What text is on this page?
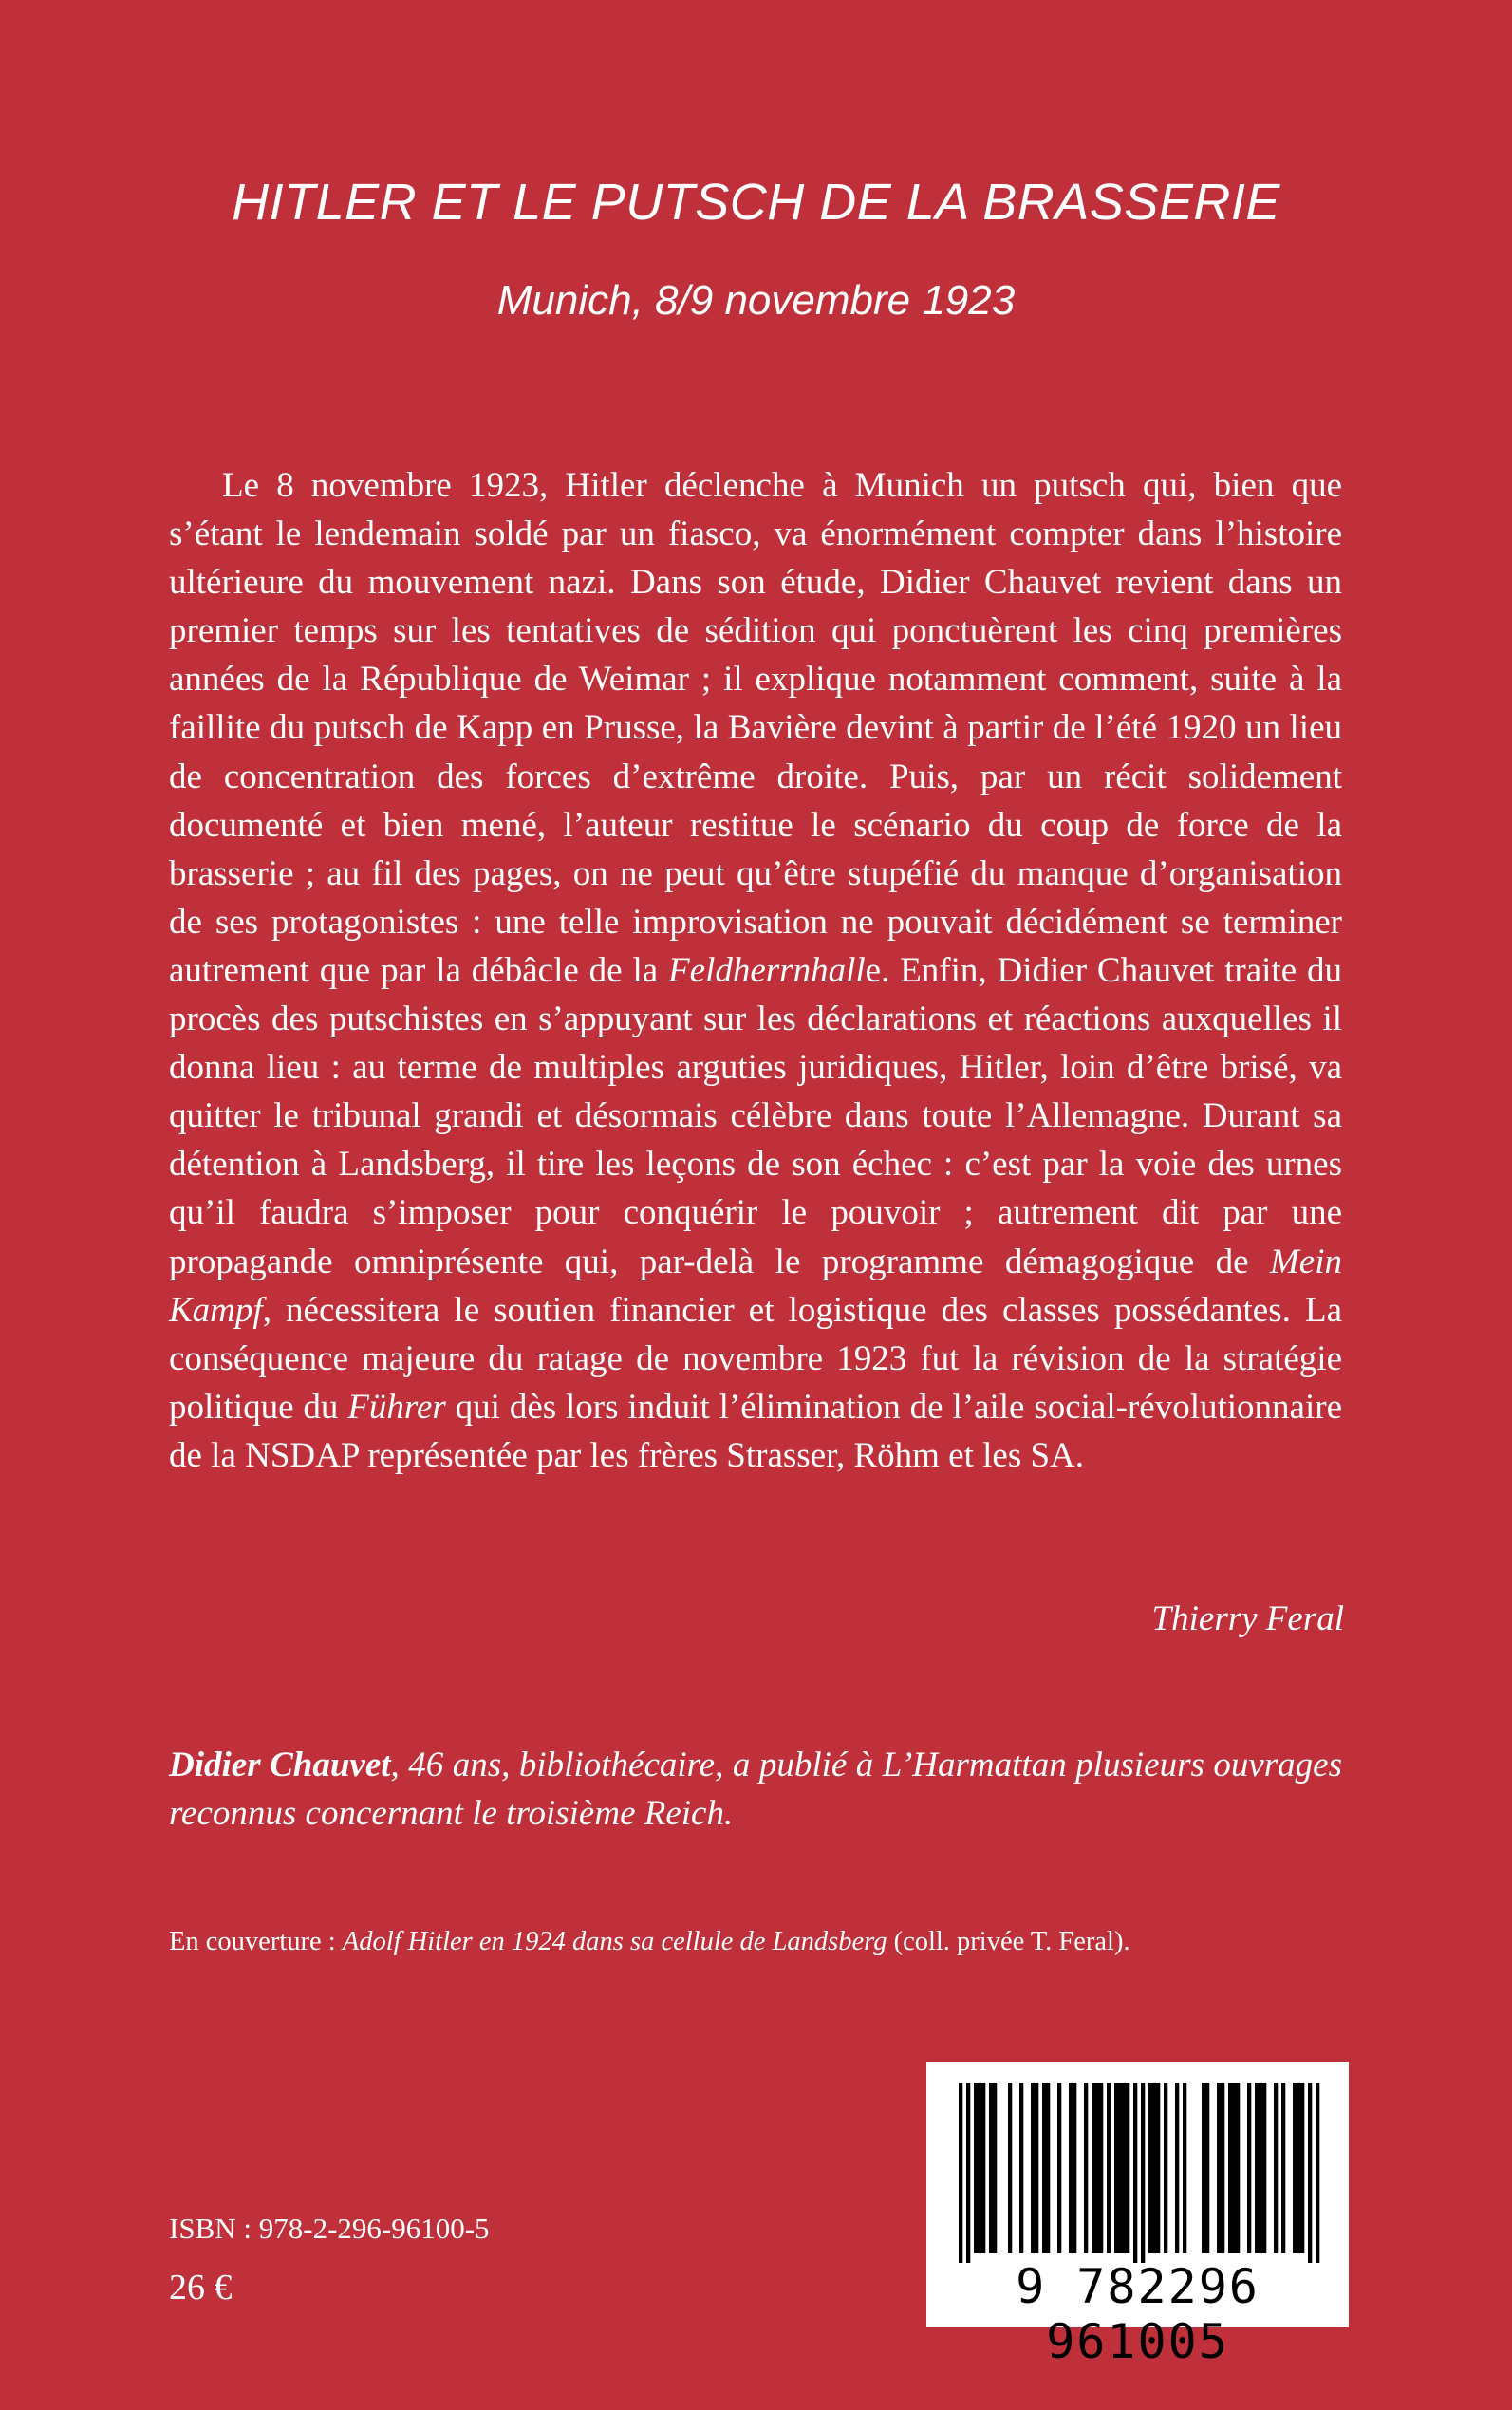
HITLER ET LE PUTSCH DE LA BRASSERIE
Munich, 8/9 novembre 1923

Le 8 novembre 1923, Hitler déclenche à Munich un putsch qui, bien que s’étant le lendemain soldé par un fiasco, va énormément compter dans l’histoire ultérieure du mouvement nazi. Dans son étude, Didier Chauvet revient dans un premier temps sur les tentatives de sédition qui ponctuèrent les cinq premières années de la République de Weimar ; il explique notamment comment, suite à la faillite du putsch de Kapp en Prusse, la Bavière devint à partir de l’été 1920 un lieu de concentration des forces d’extrême droite. Puis, par un récit solidement documenté et bien mené, l’auteur restitue le scénario du coup de force de la brasserie ; au fil des pages, on ne peut qu’être stupéfié du manque d’organisation de ses protagonistes : une telle improvisation ne pouvait décidément se terminer autrement que par la débâcle de la Feldherrnhalle. Enfin, Didier Chauvet traite du procès des putschistes en s’appuyant sur les déclarations et réactions auxquelles il donna lieu : au terme de multiples arguties juridiques, Hitler, loin d’être brisé, va quitter le tribunal grandi et désormais célèbre dans toute l’Allemagne. Durant sa détention à Landsberg, il tire les leçons de son échec : c’est par la voie des urnes qu’il faudra s’imposer pour conquérir le pouvoir ; autrement dit par une propagande omniprésente qui, par-delà le programme démagogique de Mein Kampf, nécessitera le soutien financier et logistique des classes possédantes. La conséquence majeure du ratage de novembre 1923 fut la révision de la stratégie politique du Führer qui dès lors induit l’élimination de l’aile social-révolutionnaire de la NSDAP représentée par les frères Strasser, Röhm et les SA.

Thierry Feral

Didier Chauvet, 46 ans, bibliothécaire, a publié à L’Harmattan plusieurs ouvrages reconnus concernant le troisième Reich.

En couverture : Adolf Hitler en 1924 dans sa cellule de Landsberg (coll. privée T. Feral).

ISBN : 978-2-296-96100-5

26 €	9 782296 961005
